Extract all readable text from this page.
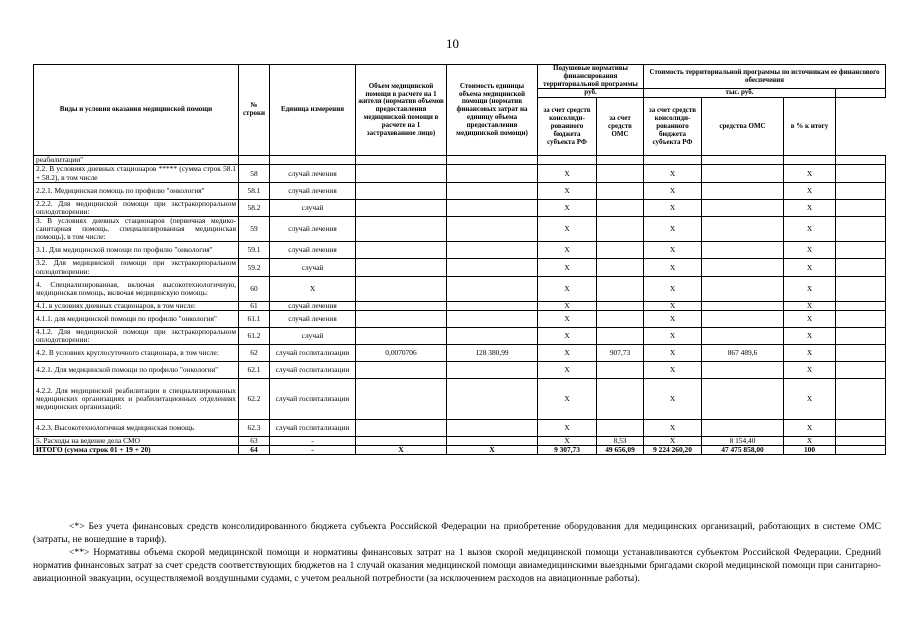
10
Виды и условия оказания медицинской помощи	№ строки	Единица измерения	Объем медицинской помощи в расчете на 1 жителя (норматив объемов предоставления медицинской помощи в расчете на 1 застрахованное лицо)	Стоимость единицы объема медицинской помощи (норматив финансовых затрат на единицу объема предоставления медицинской помощи)	Подушевые нормативы финансирования территориальной программы		Стоимость территориальной программы по источникам ее финансового обеспечения			
					руб.		тыс. руб.			
					за счет средств консолиди-рованного бюджета субъекта РФ	за счет средств ОМС	за счет средств консолиди-рованного бюджета субъекта РФ	средства ОМС	в % к итогу	
реабилитации"										
2.2. В условиях дневных стационаров ***** (сумма строк 58.1 + 58.2), в том числе	58	случай лечения			X		X		X	
2.2.1. Медицинская помощь по профилю "онкология"	58.1	случай лечения			X		X		X	
2.2.2. Для медицинской помощи при экстракорпоральном оплодотворении:	58.2	случай			X		X		X	
3. В условиях дневных стационаров (первичная медико-санитарная помощь, специализированная медицинская помощь), в том числе:	59	случай лечения			X		X		X	
3.1. Для медицинской помощи по профилю "онкология"	59.1	случай лечения			X		X		X	
3.2. Для медицинской помощи при экстракорпоральном оплодотворении:	59.2	случай			X		X		X	
4. Специализированная, включая высокотехнологичную, медицинская помощь, включая медицинскую помощь:	60	X			X		X		X	
4.1. в условиях дневных стационаров, в том числе:	61	случай лечения			X		X		X	
4.1.1. для медицинской помощи по профилю "онкология"	61.1	случай лечения			X		X		X	
4.1.2. Для медицинской помощи при экстракорпоральном оплодотворении:	61.2	случай			X		X		X	
4.2. В условиях круглосуточного стационара, в том числе:	62	случай госпитализации	0,0070706	128 380,99	X	907,73	X	867 489,6	X	
4.2.1. Для медицинской помощи по профилю "онкология"	62.1	случай госпитализации			X		X		X	
4.2.2. Для медицинской реабилитации в специализированных медицинских организациях и реабилитационных отделениях медицинских организаций:	62.2	случай госпитализации			X		X		X	
4.2.3. Высокотехнологичная медицинская помощь	62.3	случай госпитализации			X		X		X	
5. Расходы на ведение дела СМО	63	-			X	8,53	X	8 154,40	X	
ИТОГО (сумма строк 01 + 19 + 20)	64	-	X	X	9 307,73	49 656,09	9 224 260,20	47 475 858,00	100	
<*> Без учета финансовых средств консолидированного бюджета субъекта Российской Федерации на приобретение оборудования для медицинских организаций, работающих в системе ОМС (затраты, не вошедшие в тариф).
<**> Нормативы объема скорой медицинской помощи и нормативы финансовых затрат на 1 вызов скорой медицинской помощи устанавливаются субъектом Российской Федерации. Средний норматив финансовых затрат за счет средств соответствующих бюджетов на 1 случай оказания медицинской помощи авиамедицинскими выездными бригадами скорой медицинской помощи при санитарно-авиационной эвакуации, осуществляемой воздушными судами, с учетом реальной потребности (за исключением расходов на авиационные работы).
